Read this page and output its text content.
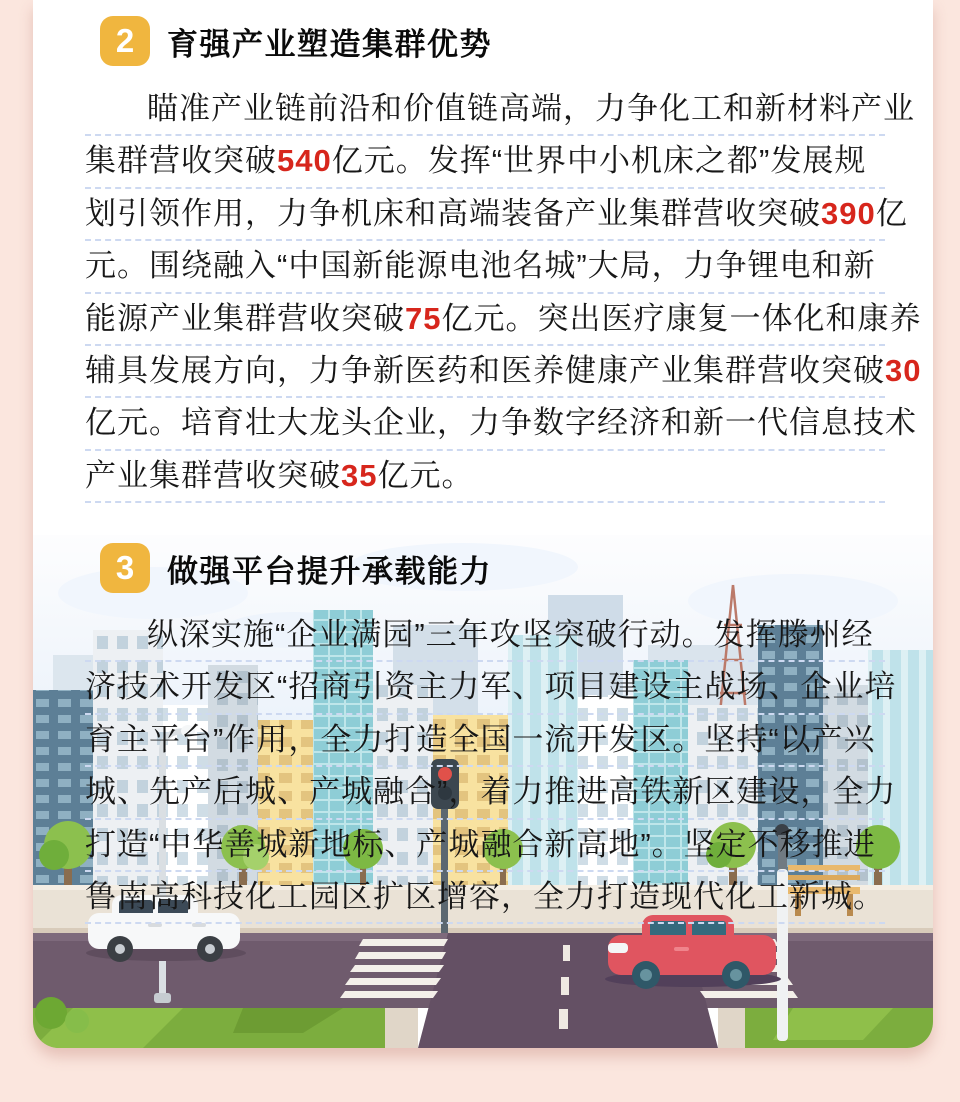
2	育强产业塑造集群优势
瞄准产业链前沿和价值链高端，力争化工和新材料产业
集群营收突破540亿元。发挥“世界中小机床之都”发展规
划引领作用，力争机床和高端装备产业集群营收突破390亿
元。围绕融入“中国新能源电池名城”大局，力争锂电和新
能源产业集群营收突破75亿元。突出医疗康复一体化和康养
辅具发展方向，力争新医药和医养健康产业集群营收突破30
亿元。培育壮大龙头企业，力争数字经济和新一代信息技术
产业集群营收突破35亿元。
3	做强平台提升承载能力
纵深实施“企业满园”三年攻坚突破行动。发挥滕州经
济技术开发区“招商引资主力军、项目建设主战场、企业培
育主平台”作用，全力打造全国一流开发区。坚持“以产兴
城、先产后城、产城融合”，着力推进高铁新区建设，全力
打造“中华善城新地标、产城融合新高地”。坚定不移推进
鲁南高科技化工园区扩区增容，全力打造现代化工新城。
